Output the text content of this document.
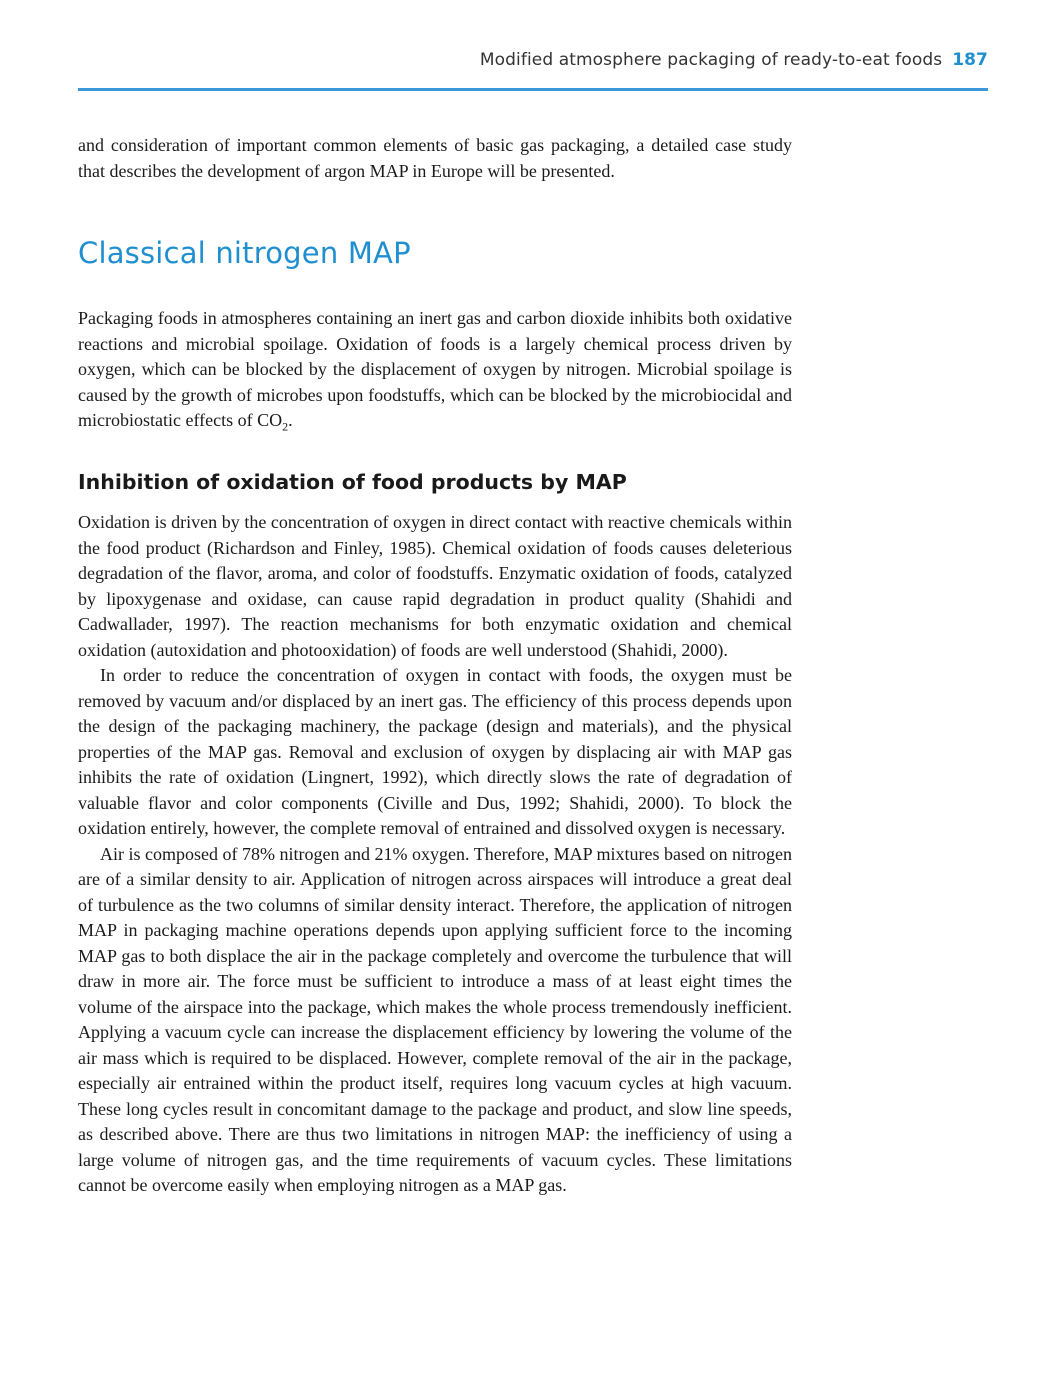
Modified atmosphere packaging of ready-to-eat foods 187

and consideration of important common elements of basic gas packaging, a detailed case study that describes the development of argon MAP in Europe will be presented.

Classical nitrogen MAP

Packaging foods in atmospheres containing an inert gas and carbon dioxide inhibits both oxidative reactions and microbial spoilage. Oxidation of foods is a largely chemical process driven by oxygen, which can be blocked by the displacement of oxygen by nitrogen. Microbial spoilage is caused by the growth of microbes upon foodstuffs, which can be blocked by the microbiocidal and microbiostatic effects of $CO_2$.

Inhibition of oxidation of food products by MAP

Oxidation is driven by the concentration of oxygen in direct contact with reactive chemicals within the food product (Richardson and Finley, 1985). Chemical oxidation of foods causes deleterious degradation of the flavor, aroma, and color of foodstuffs. Enzymatic oxidation of foods, catalyzed by lipoxygenase and oxidase, can cause rapid degradation in product quality (Shahidi and Cadwallader, 1997). The reaction mechanisms for both enzymatic oxidation and chemical oxidation (autoxidation and photooxidation) of foods are well understood (Shahidi, 2000).

In order to reduce the concentration of oxygen in contact with foods, the oxygen must be removed by vacuum and/or displaced by an inert gas. The efficiency of this process depends upon the design of the packaging machinery, the package (design and materials), and the physical properties of the MAP gas. Removal and exclusion of oxygen by displacing air with MAP gas inhibits the rate of oxidation (Lingnert, 1992), which directly slows the rate of degradation of valuable flavor and color components (Civille and Dus, 1992; Shahidi, 2000). To block the oxidation entirely, however, the complete removal of entrained and dissolved oxygen is necessary.

Air is composed of 78% nitrogen and 21% oxygen. Therefore, MAP mixtures based on nitrogen are of a similar density to air. Application of nitrogen across airspaces will introduce a great deal of turbulence as the two columns of similar density interact. Therefore, the application of nitrogen MAP in packaging machine operations depends upon applying sufficient force to the incoming MAP gas to both displace the air in the package completely and overcome the turbulence that will draw in more air. The force must be sufficient to introduce a mass of at least eight times the volume of the airspace into the package, which makes the whole process tremendously inefficient. Applying a vacuum cycle can increase the displacement efficiency by lowering the volume of the air mass which is required to be displaced. However, complete removal of the air in the package, especially air entrained within the product itself, requires long vacuum cycles at high vacuum. These long cycles result in concomitant damage to the package and product, and slow line speeds, as described above. There are thus two limitations in nitrogen MAP: the inefficiency of using a large volume of nitrogen gas, and the time requirements of vacuum cycles. These limitations cannot be overcome easily when employing nitrogen as a MAP gas.
